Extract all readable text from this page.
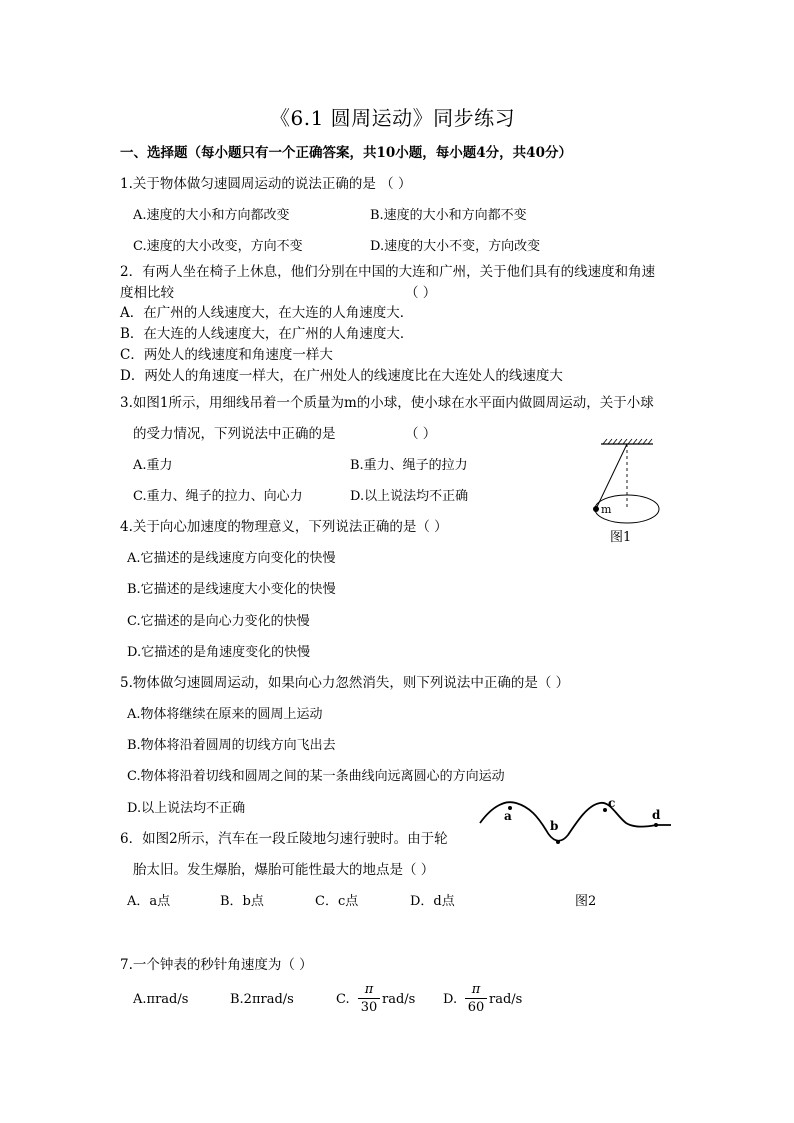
《6.1 圆周运动》同步练习
一、选择题（每小题只有一个正确答案，共10小题，每小题4分，共40分）
1.关于物体做匀速圆周运动的说法正确的是 （ ）
A.速度的大小和方向都改变	B.速度的大小和方向都不变
C.速度的大小改变，方向不变	D.速度的大小不变，方向改变
2．有两人坐在椅子上休息，他们分别在中国的大连和广州，关于他们具有的线速度和角速
度相比较	（ ）
A．在广州的人线速度大，在大连的人角速度大．
B．在大连的人线速度大，在广州的人角速度大．
C．两处人的线速度和角速度一样大
D．两处人的角速度一样大，在广州处人的线速度比在大连处人的线速度大
3.如图1所示，用细线吊着一个质量为m的小球，使小球在水平面内做圆周运动，关于小球
的受力情况，下列说法中正确的是	（ ）
A.重力	B.重力、绳子的拉力
C.重力、绳子的拉力、向心力	D.以上说法均不正确
m
图1
4.关于向心加速度的物理意义，下列说法正确的是（ ）
A.它描述的是线速度方向变化的快慢
B.它描述的是线速度大小变化的快慢
C.它描述的是向心力变化的快慢
D.它描述的是角速度变化的快慢
5.物体做匀速圆周运动，如果向心力忽然消失，则下列说法中正确的是（ ）
A.物体将继续在原来的圆周上运动
B.物体将沿着圆周的切线方向飞出去
C.物体将沿着切线和圆周之间的某一条曲线向远离圆心的方向运动
D.以上说法均不正确
6．如图2所示，汽车在一段丘陵地匀速行驶时。由于轮
胎太旧。发生爆胎，爆胎可能性最大的地点是（ ）
A．a点	B．b点	C．c点	D．d点
a
b
c
d
图2
7.一个钟表的秒针角速度为（ ）
A.πrad/s	B.2πrad/s	C.
π
30
rad/s D.
π
60
rad/s
